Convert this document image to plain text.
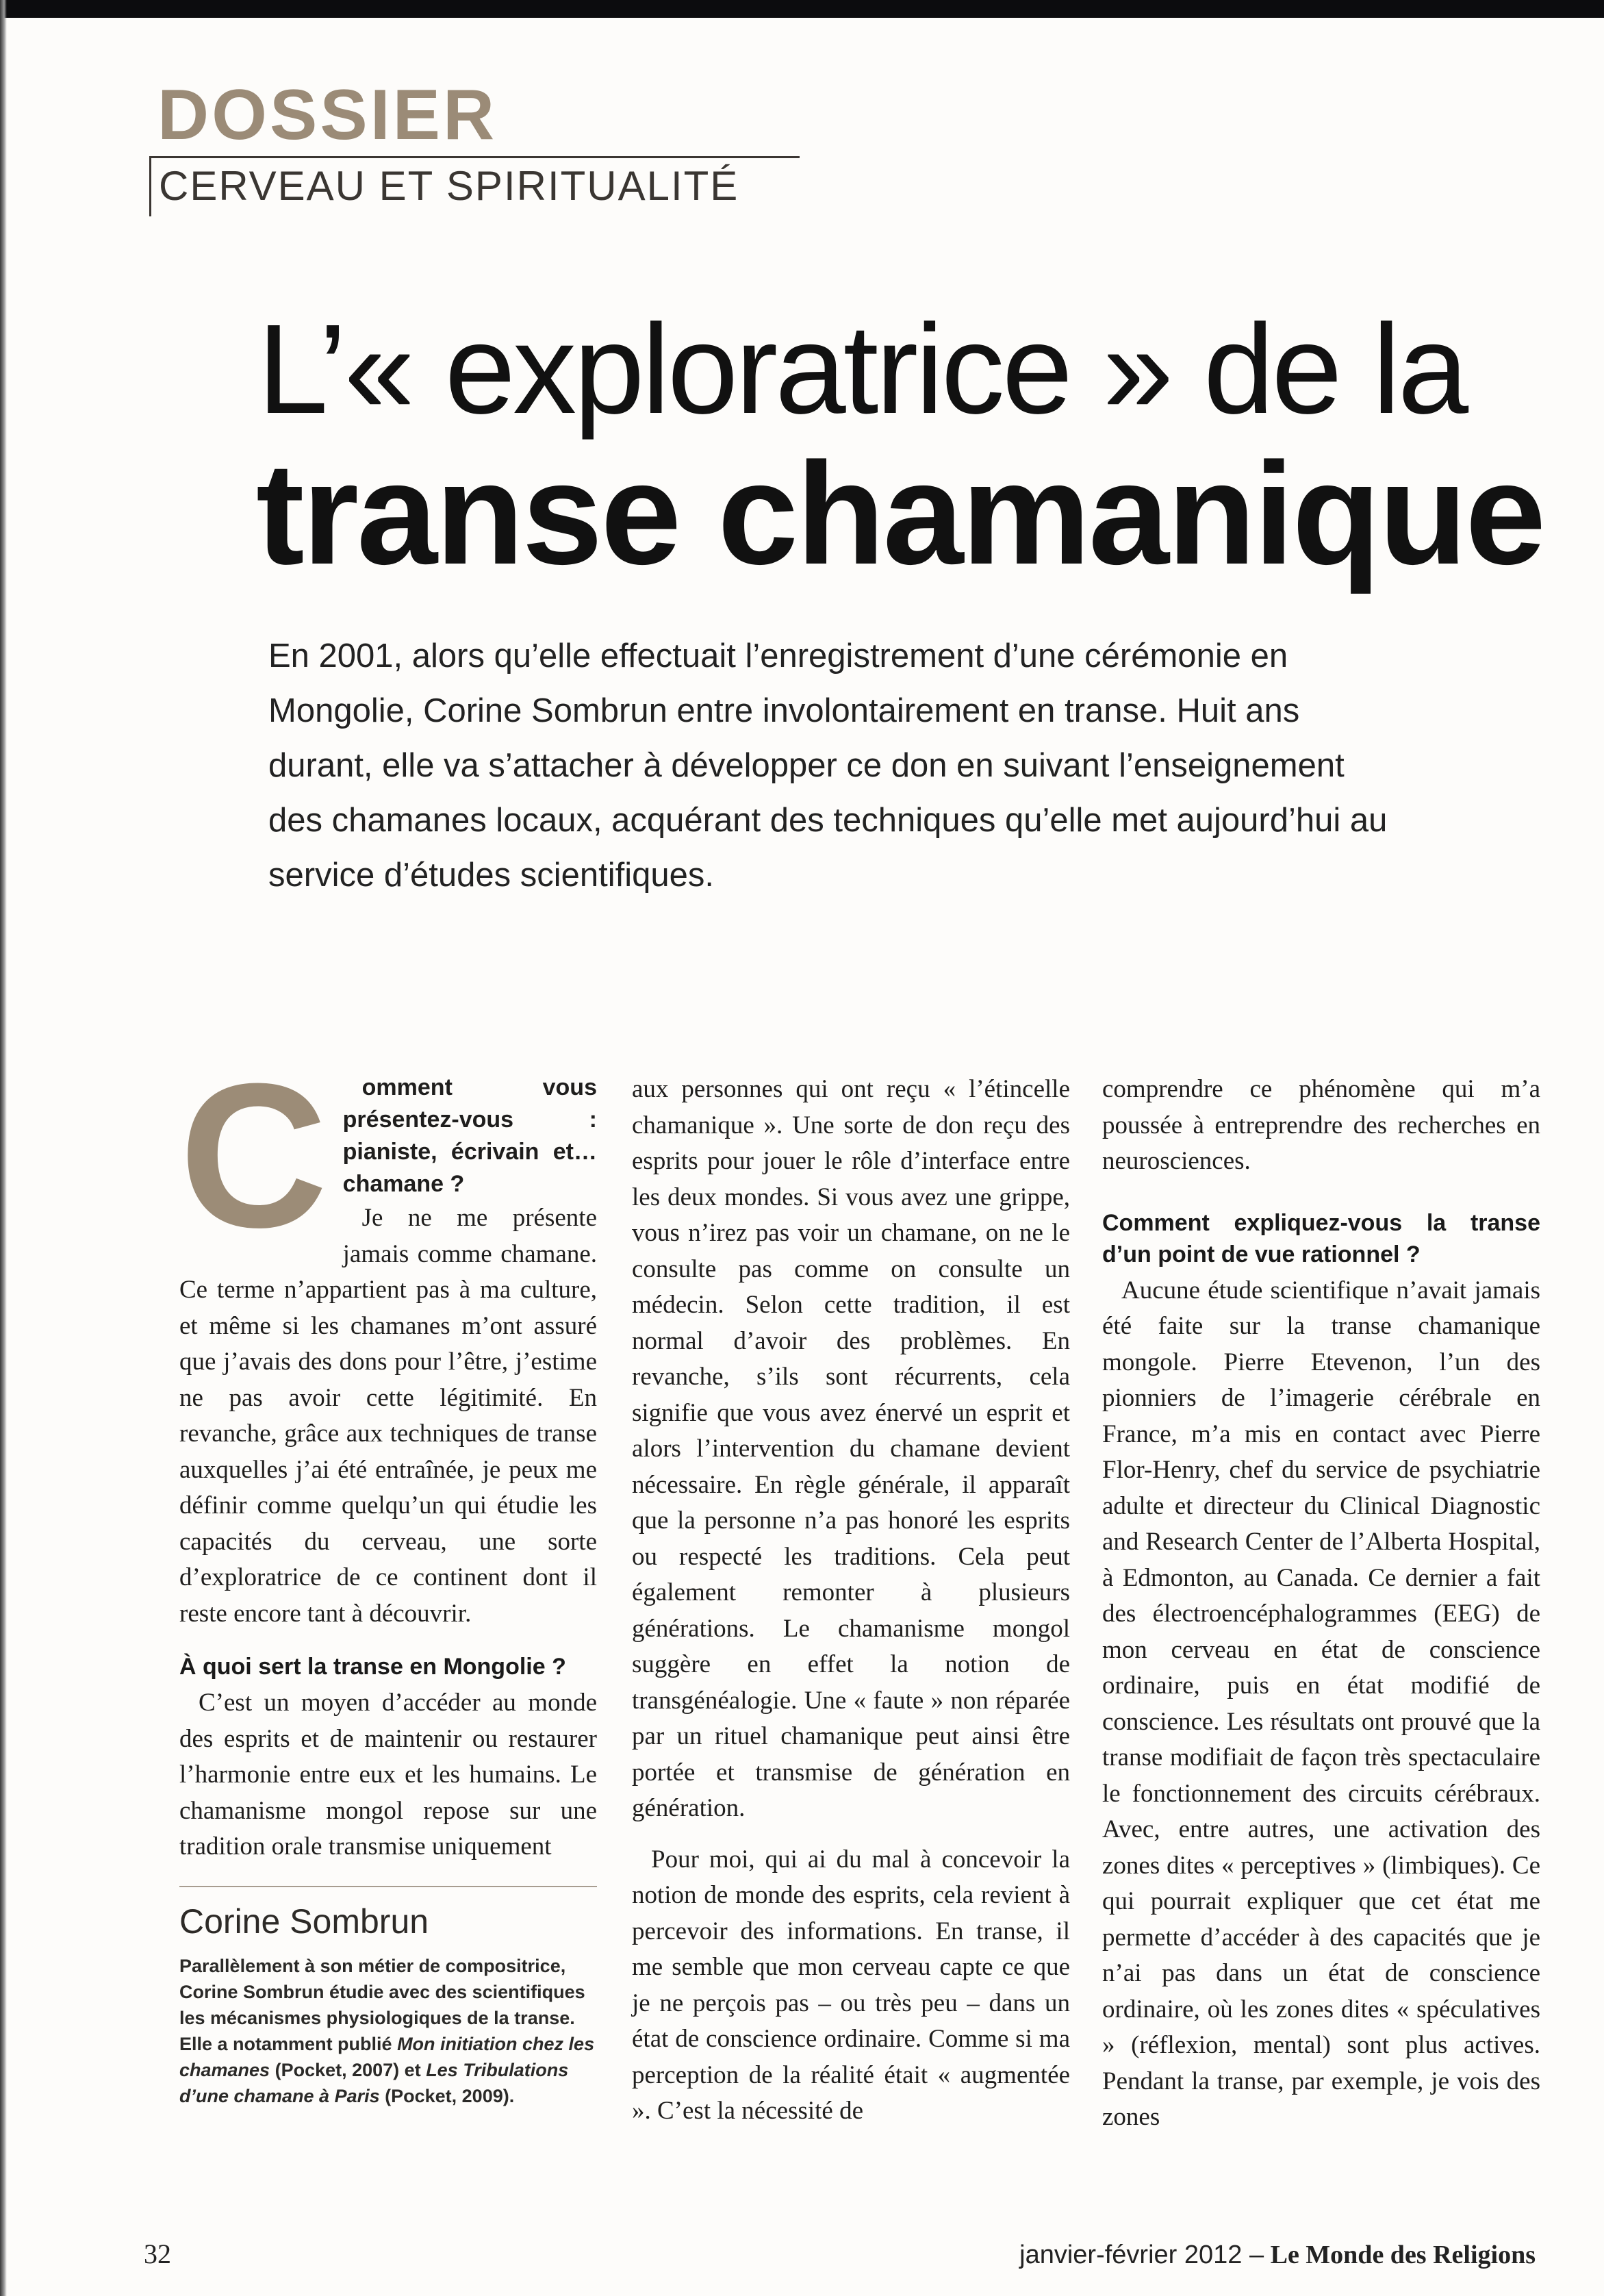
DOSSIER
CERVEAU ET SPIRITUALITÉ
L’« exploratrice » de la
transe chamanique
En 2001, alors qu’elle effectuait l’enregistrement d’une cérémonie en Mongolie, Corine Sombrun entre involontairement en transe. Huit ans durant, elle va s’attacher à développer ce don en suivant l’enseignement des chamanes locaux, acquérant des techniques qu’elle met aujourd’hui au service d’études scientifiques.
C	omment vous présentez-vous : pianiste, écrivain et… chamane ?

Je ne me présente jamais comme chamane. Ce terme n’appartient pas à ma culture, et même si les chamanes m’ont assuré que j’avais des dons pour l’être, j’estime ne pas avoir cette légitimité. En revanche, grâce aux techniques de transe auxquelles j’ai été entraînée, je peux me définir comme quelqu’un qui étudie les capacités du cerveau, une sorte d’exploratrice de ce continent dont il reste encore tant à découvrir.

À quoi sert la transe en Mongolie ?

C’est un moyen d’accéder au monde des esprits et de maintenir ou restaurer l’harmonie entre eux et les humains. Le chamanisme mongol repose sur une tradition orale transmise uniquement

Corine Sombrun

Parallèlement à son métier de compositrice, Corine Sombrun étudie avec des scientifiques les mécanismes physiologiques de la transe. Elle a notamment publié Mon initiation chez les chamanes (Pocket, 2007) et Les Tribulations d’une chamane à Paris (Pocket, 2009).

aux personnes qui ont reçu « l’étincelle chamanique ». Une sorte de don reçu des esprits pour jouer le rôle d’interface entre les deux mondes. Si vous avez une grippe, vous n’irez pas voir un chamane, on ne le consulte pas comme on consulte un médecin. Selon cette tradition, il est normal d’avoir des problèmes. En revanche, s’ils sont récurrents, cela signifie que vous avez énervé un esprit et alors l’intervention du chamane devient nécessaire. En règle générale, il apparaît que la personne n’a pas honoré les esprits ou respecté les traditions. Cela peut également remonter à plusieurs générations. Le chamanisme mongol suggère en effet la notion de transgénéalogie. Une « faute » non réparée par un rituel chamanique peut ainsi être portée et transmise de génération en génération.

Pour moi, qui ai du mal à concevoir la notion de monde des esprits, cela revient à percevoir des informations. En transe, il me semble que mon cerveau capte ce que je ne perçois pas – ou très peu – dans un état de conscience ordinaire. Comme si ma perception de la réalité était « augmentée ». C’est la nécessité de

comprendre ce phénomène qui m’a poussée à entreprendre des recherches en neurosciences.

Comment expliquez-vous la transe d’un point de vue rationnel ?

Aucune étude scientifique n’avait jamais été faite sur la transe chamanique mongole. Pierre Etevenon, l’un des pionniers de l’imagerie cérébrale en France, m’a mis en contact avec Pierre Flor-Henry, chef du service de psychiatrie adulte et directeur du Clinical Diagnostic and Research Center de l’Alberta Hospital, à Edmonton, au Canada. Ce dernier a fait des électroencéphalogrammes (EEG) de mon cerveau en état de conscience ordinaire, puis en état modifié de conscience. Les résultats ont prouvé que la transe modifiait de façon très spectaculaire le fonctionnement des circuits cérébraux. Avec, entre autres, une activation des zones dites « perceptives » (limbiques). Ce qui pourrait expliquer que cet état me permette d’accéder à des capacités que je n’ai pas dans un état de conscience ordinaire, où les zones dites « spéculatives » (réflexion, mental) sont plus actives. Pendant la transe, par exemple, je vois des zones

32	janvier-février 2012 – Le Monde des Religions
